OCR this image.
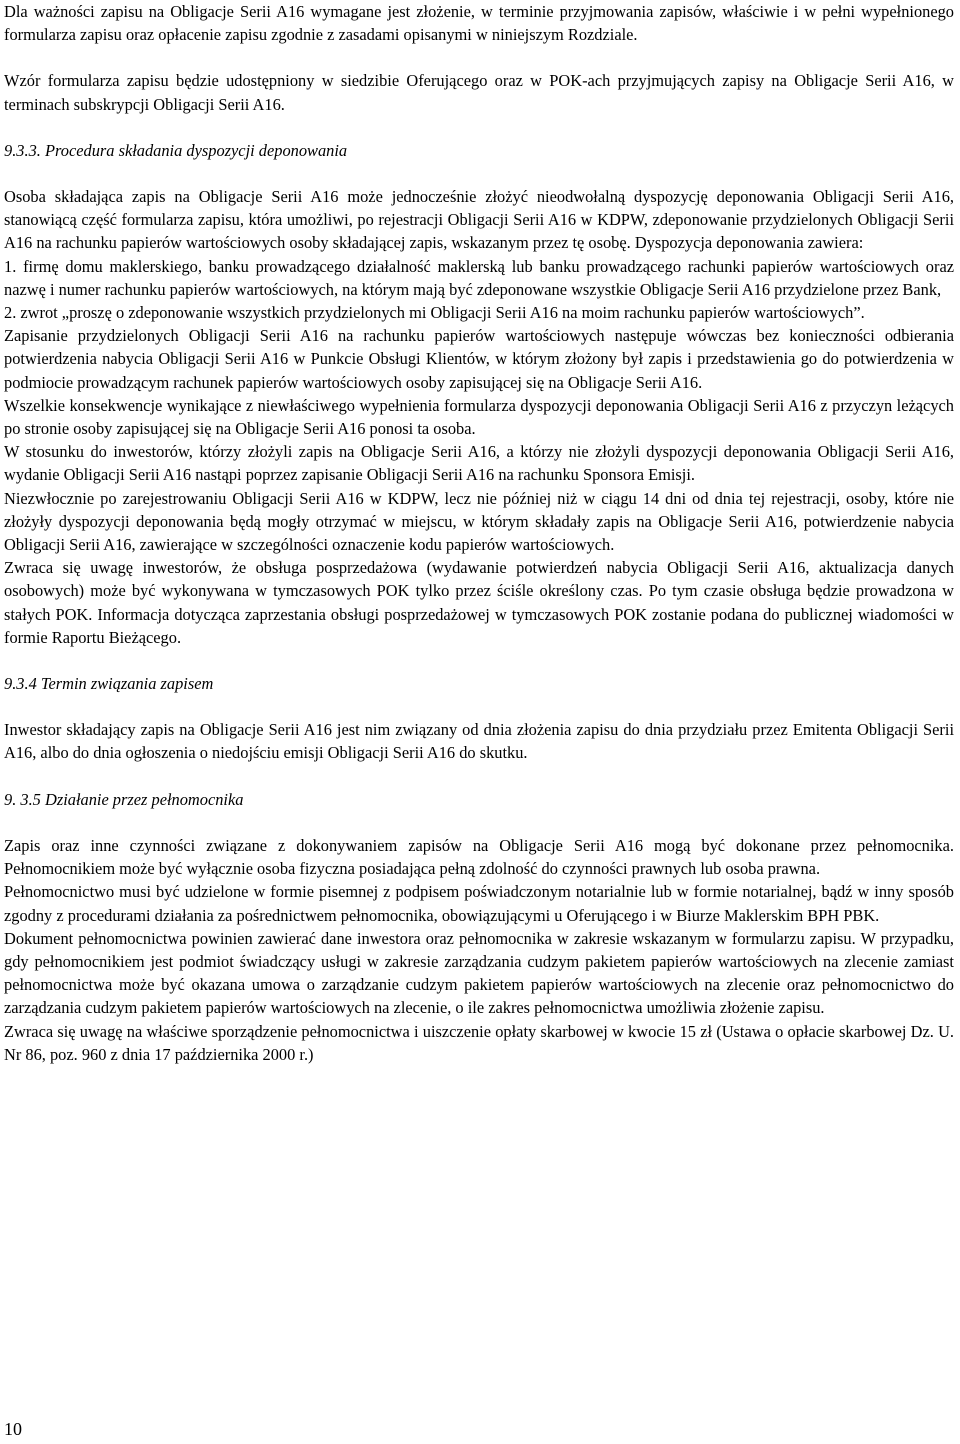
Dla ważności zapisu na Obligacje Serii A16 wymagane jest złożenie, w terminie przyjmowania zapisów, właściwie i w pełni wypełnionego formularza zapisu oraz opłacenie zapisu zgodnie z zasadami opisanymi w niniejszym Rozdziale.

Wzór formularza zapisu będzie udostępniony w siedzibie Oferującego oraz w POK-ach przyjmujących zapisy na Obligacje Serii A16, w terminach subskrypcji Obligacji Serii A16.

9.3.3. Procedura składania dyspozycji deponowania

Osoba składająca zapis na Obligacje Serii A16 może jednocześnie złożyć nieodwołalną dyspozycję deponowania Obligacji Serii A16, stanowiącą część formularza zapisu, która umożliwi, po rejestracji Obligacji Serii A16 w KDPW, zdeponowanie przydzielonych Obligacji Serii A16 na rachunku papierów wartościowych osoby składającej zapis, wskazanym przez tę osobę. Dyspozycja deponowania zawiera:

1. firmę domu maklerskiego, banku prowadzącego działalność maklerską lub banku prowadzącego rachunki papierów wartościowych oraz nazwę i numer rachunku papierów wartościowych, na którym mają być zdeponowane wszystkie Obligacje Serii A16 przydzielone przez Bank,

2. zwrot „proszę o zdeponowanie wszystkich przydzielonych mi Obligacji Serii A16 na moim rachunku papierów wartościowych”.

Zapisanie przydzielonych Obligacji Serii A16 na rachunku papierów wartościowych następuje wówczas bez konieczności odbierania potwierdzenia nabycia Obligacji Serii A16 w Punkcie Obsługi Klientów, w którym złożony był zapis i przedstawienia go do potwierdzenia w podmiocie prowadzącym rachunek papierów wartościowych osoby zapisującej się na Obligacje Serii A16.

Wszelkie konsekwencje wynikające z niewłaściwego wypełnienia formularza dyspozycji deponowania Obligacji Serii A16 z przyczyn leżących po stronie osoby zapisującej się na Obligacje Serii A16 ponosi ta osoba.

W stosunku do inwestorów, którzy złożyli zapis na Obligacje Serii A16, a którzy nie złożyli dyspozycji deponowania Obligacji Serii A16, wydanie Obligacji Serii A16 nastąpi poprzez zapisanie Obligacji Serii A16 na rachunku Sponsora Emisji.

Niezwłocznie po zarejestrowaniu Obligacji Serii A16 w KDPW, lecz nie później niż w ciągu 14 dni od dnia tej rejestracji, osoby, które nie złożyły dyspozycji deponowania będą mogły otrzymać w miejscu, w którym składały zapis na Obligacje Serii A16, potwierdzenie nabycia Obligacji Serii A16, zawierające w szczególności oznaczenie kodu papierów wartościowych.

Zwraca się uwagę inwestorów, że obsługa posprzedażowa (wydawanie potwierdzeń nabycia Obligacji Serii A16, aktualizacja danych osobowych) może być wykonywana w tymczasowych POK tylko przez ściśle określony czas. Po tym czasie obsługa będzie prowadzona w stałych POK. Informacja dotycząca zaprzestania obsługi posprzedażowej w tymczasowych POK zostanie podana do publicznej wiadomości w formie Raportu Bieżącego.

9.3.4 Termin związania zapisem

Inwestor składający zapis na Obligacje Serii A16 jest nim związany od dnia złożenia zapisu do dnia przydziału przez Emitenta Obligacji Serii A16, albo do dnia ogłoszenia o niedojściu emisji Obligacji Serii A16 do skutku.

9. 3.5 Działanie przez pełnomocnika

Zapis oraz inne czynności związane z dokonywaniem zapisów na Obligacje Serii A16 mogą być dokonane przez pełnomocnika. Pełnomocnikiem może być wyłącznie osoba fizyczna posiadająca pełną zdolność do czynności prawnych lub osoba prawna.

Pełnomocnictwo musi być udzielone w formie pisemnej z podpisem poświadczonym notarialnie lub w formie notarialnej, bądź w inny sposób zgodny z procedurami działania za pośrednictwem pełnomocnika, obowiązującymi u Oferującego i w Biurze Maklerskim BPH PBK.

Dokument pełnomocnictwa powinien zawierać dane inwestora oraz pełnomocnika w zakresie wskazanym w formularzu zapisu. W przypadku, gdy pełnomocnikiem jest podmiot świadczący usługi w zakresie zarządzania cudzym pakietem papierów wartościowych na zlecenie zamiast pełnomocnictwa może być okazana umowa o zarządzanie cudzym pakietem papierów wartościowych na zlecenie oraz pełnomocnictwo do zarządzania cudzym pakietem papierów wartościowych na zlecenie, o ile zakres pełnomocnictwa umożliwia złożenie zapisu.

Zwraca się uwagę na właściwe sporządzenie pełnomocnictwa i uiszczenie opłaty skarbowej w kwocie 15 zł (Ustawa o opłacie skarbowej Dz. U. Nr 86, poz. 960 z dnia 17 października 2000 r.)

10
